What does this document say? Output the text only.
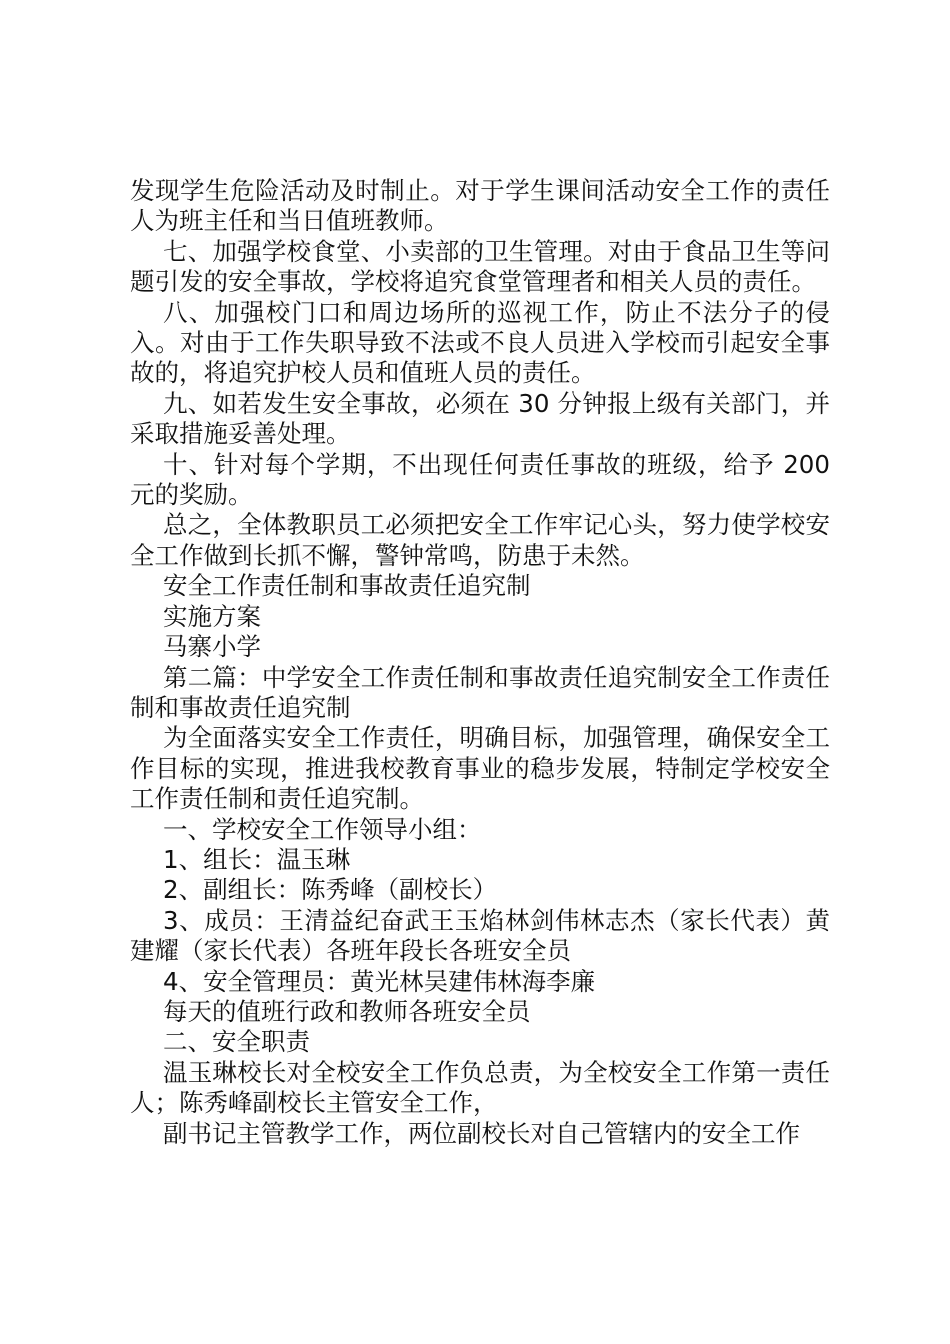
发现学生危险活动及时制止。对于学生课间活动安全工作的责任人为班主任和当日值班教师。

七、加强学校食堂、小卖部的卫生管理。对由于食品卫生等问题引发的安全事故，学校将追究食堂管理者和相关人员的责任。

八、加强校门口和周边场所的巡视工作，防止不法分子的侵入。对由于工作失职导致不法或不良人员进入学校而引起安全事故的，将追究护校人员和值班人员的责任。

九、如若发生安全事故，必须在 30 分钟报上级有关部门，并采取措施妥善处理。

十、针对每个学期，不出现任何责任事故的班级，给予 200 元的奖励。

总之，全体教职员工必须把安全工作牢记心头，努力使学校安全工作做到长抓不懈，警钟常鸣，防患于未然。

安全工作责任制和事故责任追究制

实施方案

马寨小学

第二篇：中学安全工作责任制和事故责任追究制安全工作责任制和事故责任追究制

为全面落实安全工作责任，明确目标，加强管理，确保安全工作目标的实现，推进我校教育事业的稳步发展，特制定学校安全工作责任制和责任追究制。

一、学校安全工作领导小组：

1、组长：温玉琳

2、副组长：陈秀峰（副校长）

3、成员：王清益纪奋武王玉焰林剑伟林志杰（家长代表）黄建耀（家长代表）各班年段长各班安全员

4、安全管理员：黄光林吴建伟林海李廉

每天的值班行政和教师各班安全员

二、安全职责

温玉琳校长对全校安全工作负总责，为全校安全工作第一责任人；陈秀峰副校长主管安全工作，

副书记主管教学工作，两位副校长对自己管辖内的安全工作
